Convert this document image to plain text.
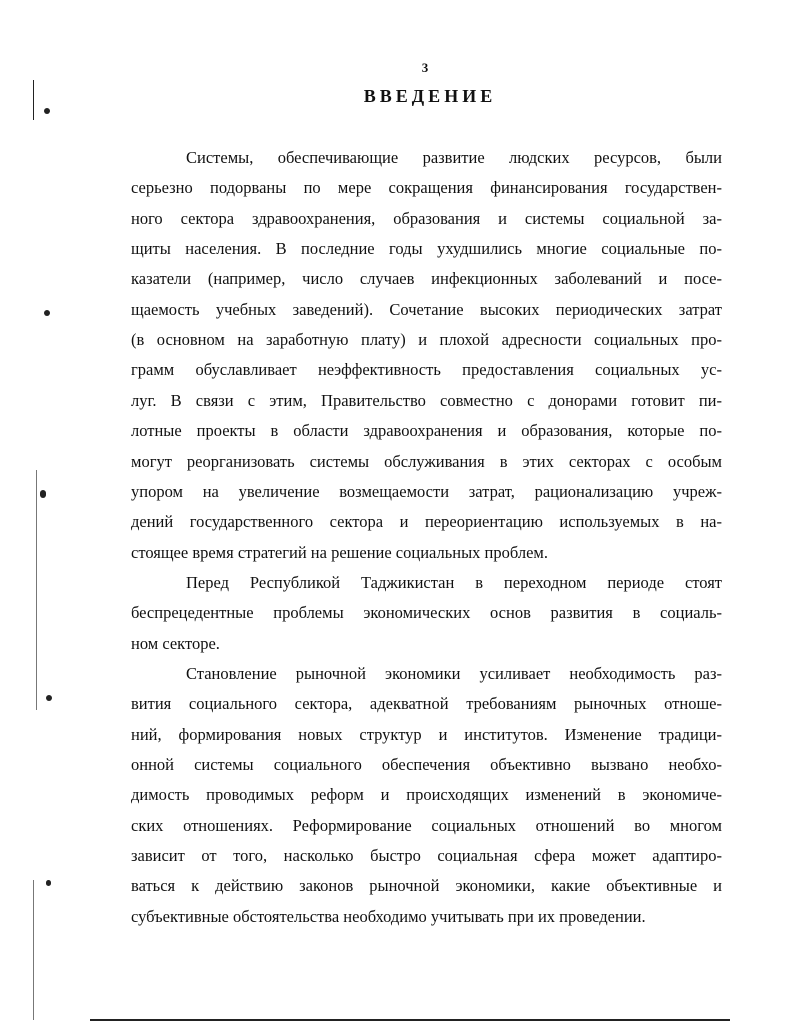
3
ВВЕДЕНИЕ
Системы, обеспечивающие развитие людских ресурсов, были
серьезно подорваны по мере сокращения финансирования государствен-
ного сектора здравоохранения, образования и системы социальной за-
щиты населения. В последние годы ухудшились многие социальные по-
казатели (например, число случаев инфекционных заболеваний и посе-
щаемость учебных заведений). Сочетание высоких периодических затрат
(в основном на заработную плату) и плохой адресности социальных про-
грамм обуславливает неэффективность предоставления социальных ус-
луг. В связи с этим, Правительство совместно с донорами готовит пи-
лотные проекты в области здравоохранения и образования, которые по-
могут реорганизовать системы обслуживания в этих секторах с особым
упором на увеличение возмещаемости затрат, рационализацию учреж-
дений государственного сектора и переориентацию используемых в на-
стоящее время стратегий на решение социальных проблем.
Перед Республикой Таджикистан в переходном периоде стоят
беспрецедентные проблемы экономических основ развития в социаль-
ном секторе.
Становление рыночной экономики усиливает необходимость раз-
вития социального сектора, адекватной требованиям рыночных отноше-
ний, формирования новых структур и институтов. Изменение традици-
онной системы социального обеспечения объективно вызвано необхо-
димость проводимых реформ и происходящих изменений в экономиче-
ских отношениях. Реформирование социальных отношений во многом
зависит от того, насколько быстро социальная сфера может адаптиро-
ваться к действию законов рыночной экономики, какие объективные и
субъективные обстоятельства необходимо учитывать при их проведении.
